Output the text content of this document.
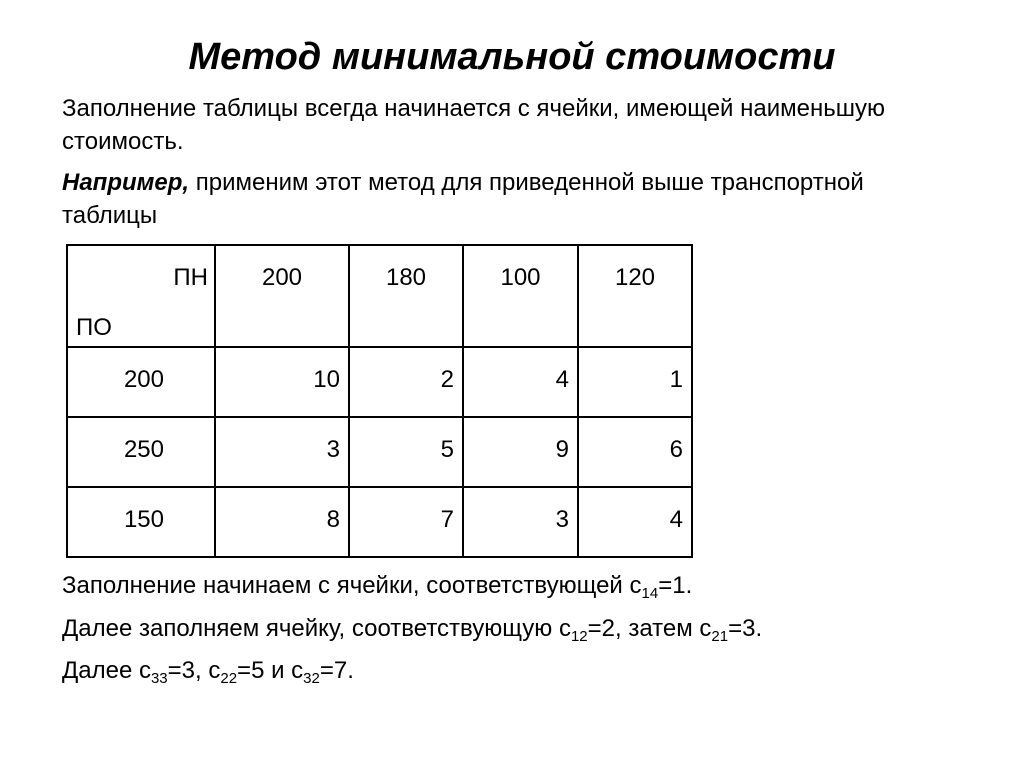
Метод минимальной стоимости
Заполнение таблицы всегда начинается с ячейки, имеющей наименьшую стоимость.
Например, применим этот метод для приведенной выше транспортной таблицы
ПН
ПО	200	180	100	120
200	10	2	4	1
250	3	5	9	6
150	8	7	3	4
Заполнение начинаем с ячейки, соответствующей $c_{14}=1$.
Далее заполняем ячейку, соответствующую $c_{12}=2$, затем $c_{21}=3$.
Далее $c_{33}=3$, $c_{22}=5$ и $c_{32}=7$.
